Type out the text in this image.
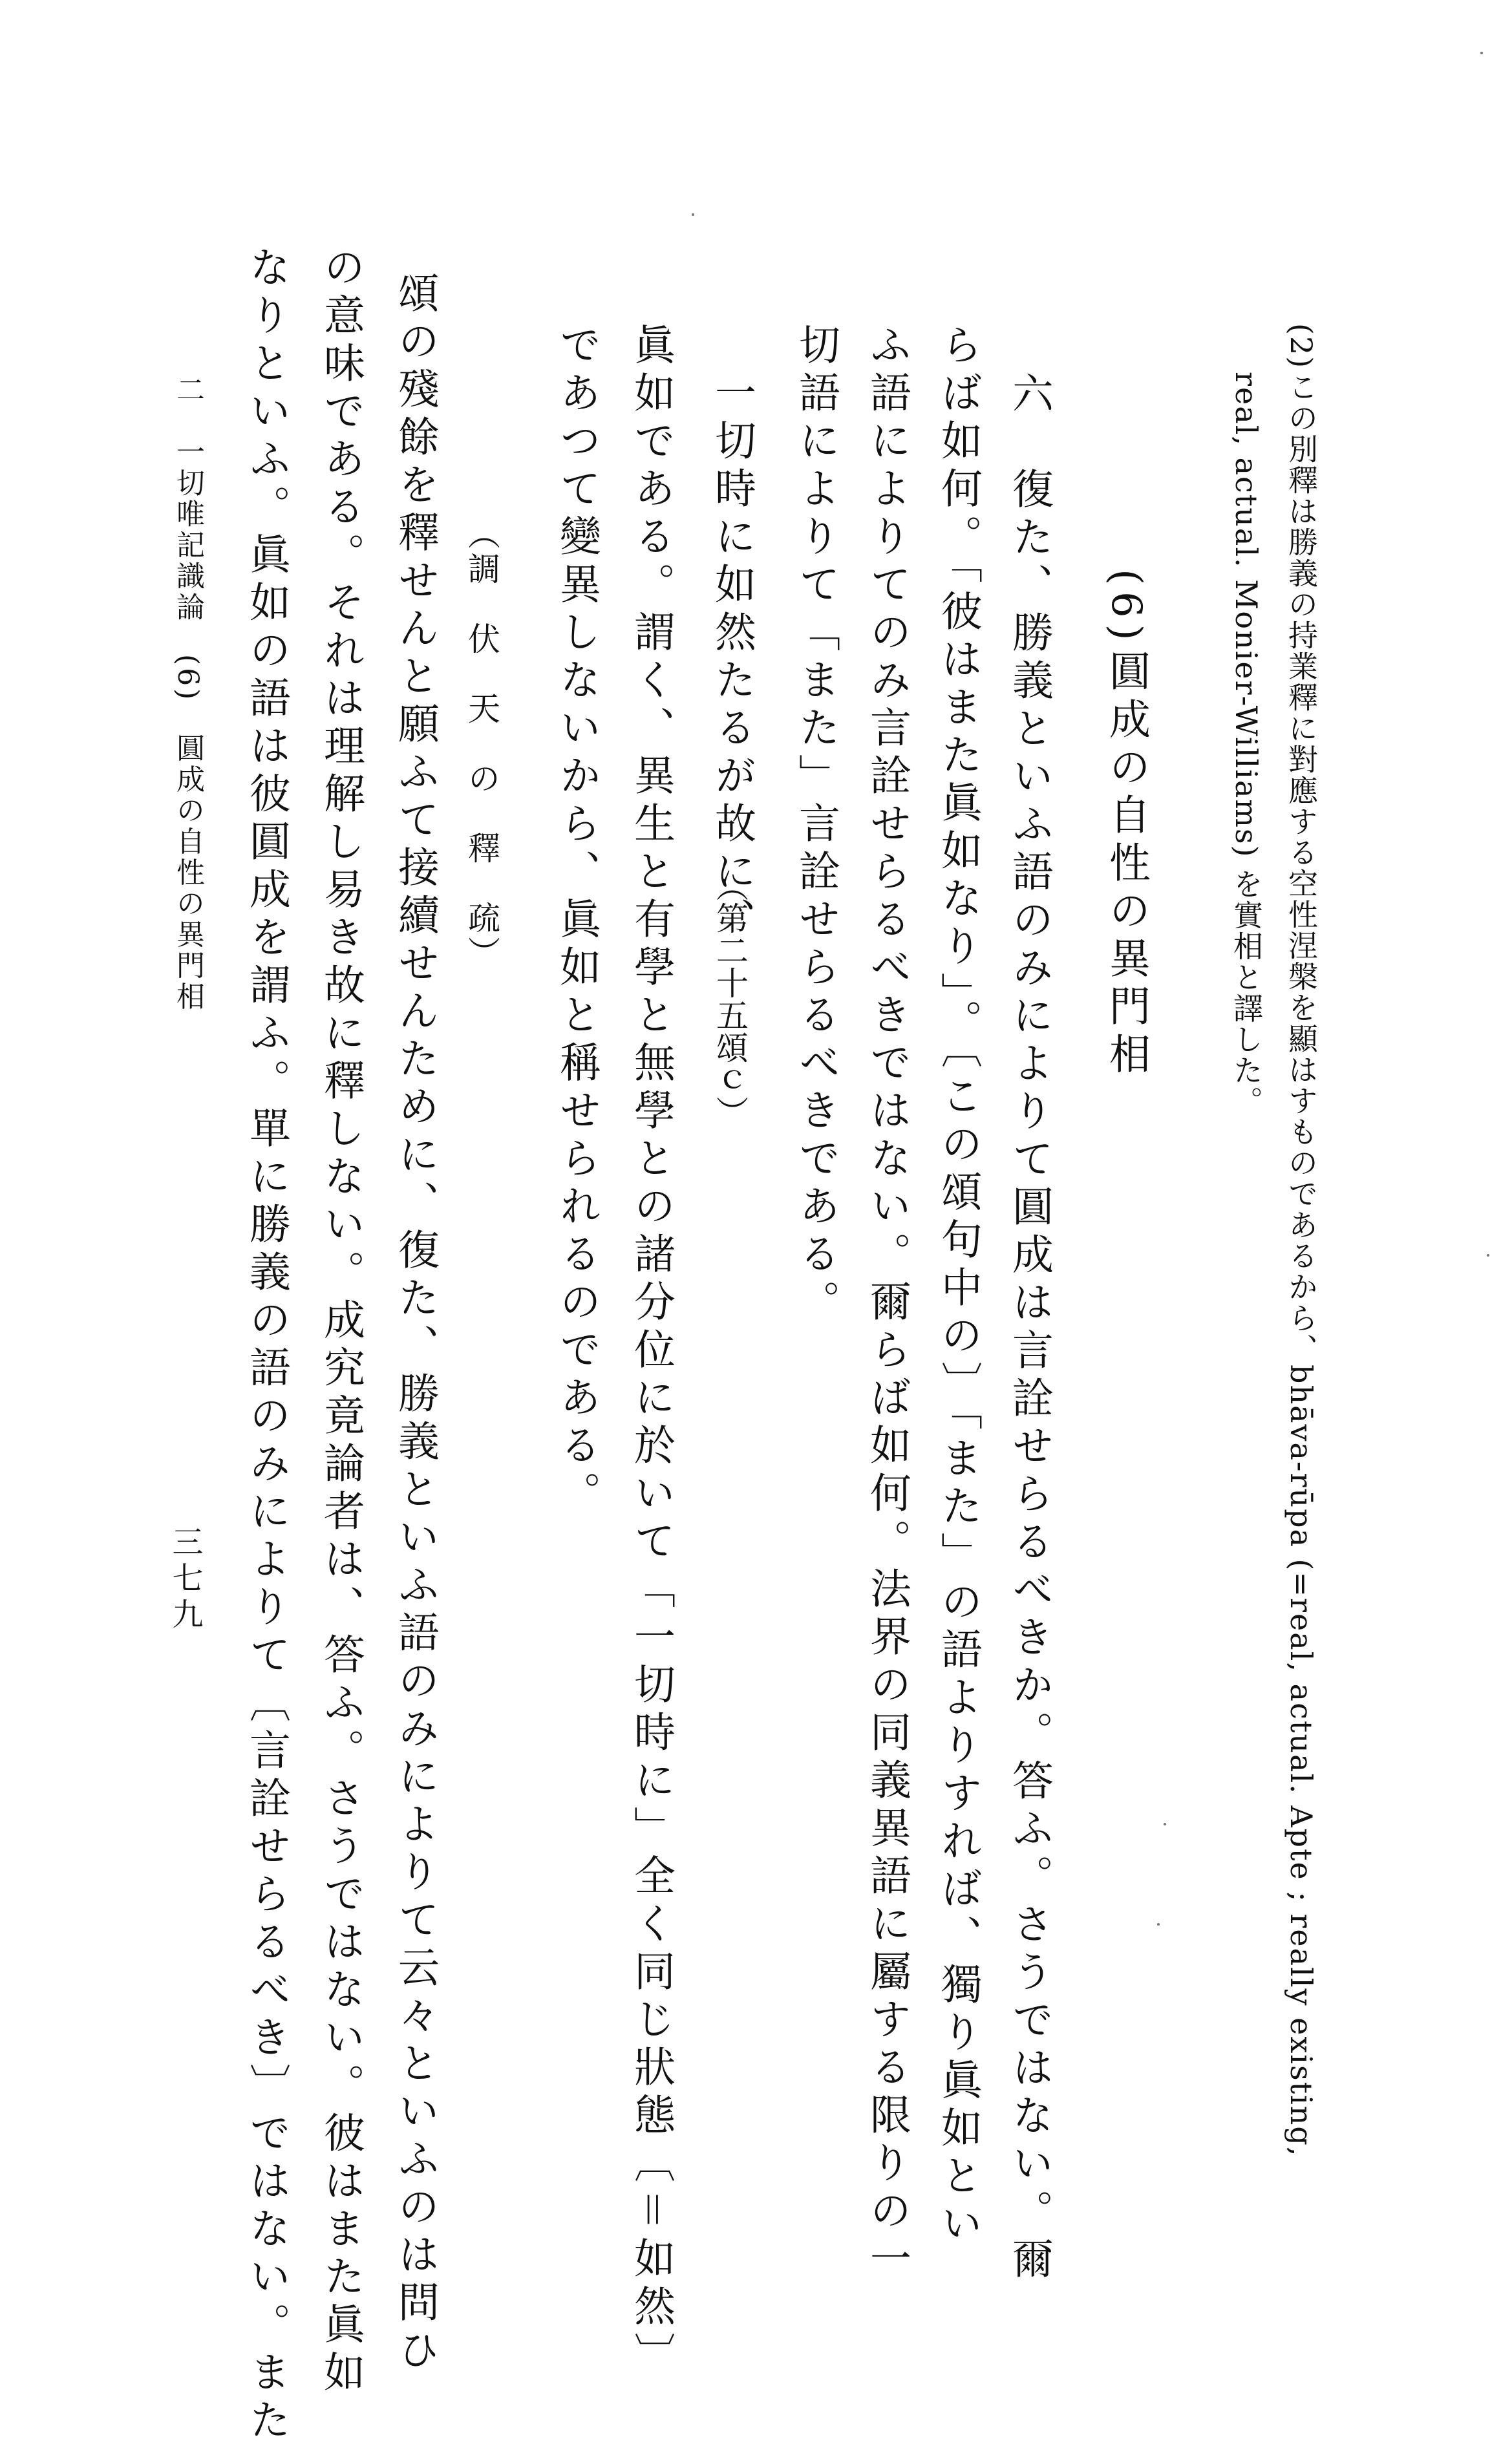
(2)
この別釋は勝義の持業釋に對應する空性涅槃を顯はすものであるから、bhāva-rūpa (=real, actual. Apte ; really existing,
real, actual. Monier-Williams) を實相と譯した。
(6)
圓成の自性の異門相
六　復た、勝義といふ語のみによりて圓成は言詮せらるべきか。答ふ。さうではない。爾
らば如何。「彼はまた眞如なり」。〔この頌句中の〕「また」の語よりすれば、獨り眞如とい
ふ語によりてのみ言詮せらるべきではない。爾らば如何。法界の同義異語に屬する限りの一
切語によりて「また」言詮せらるべきである。
　一切時に如然たるが故に、
（第二十五頌ｃ）
眞如である。謂く、異生と有學と無學との諸分位に於いて「一切時に」全く同じ狀態〔＝如然〕
であつて變異しないから、眞如と稱せられるのである。
（調　伏　天　の　釋　疏）
頌の殘餘を釋せんと願ふて接續せんために、復た、勝義といふ語のみによりて云々といふのは問ひ
の意味である。それは理解し易き故に釋しない。成究竟論者は、答ふ。さうではない。彼はまた眞如
なりといふ。眞如の語は彼圓成を謂ふ。單に勝義の語のみによりて〔言詮せらるべき〕ではない。また
二　一切唯記識論　(6)　圓成の自性の異門相
三七九
